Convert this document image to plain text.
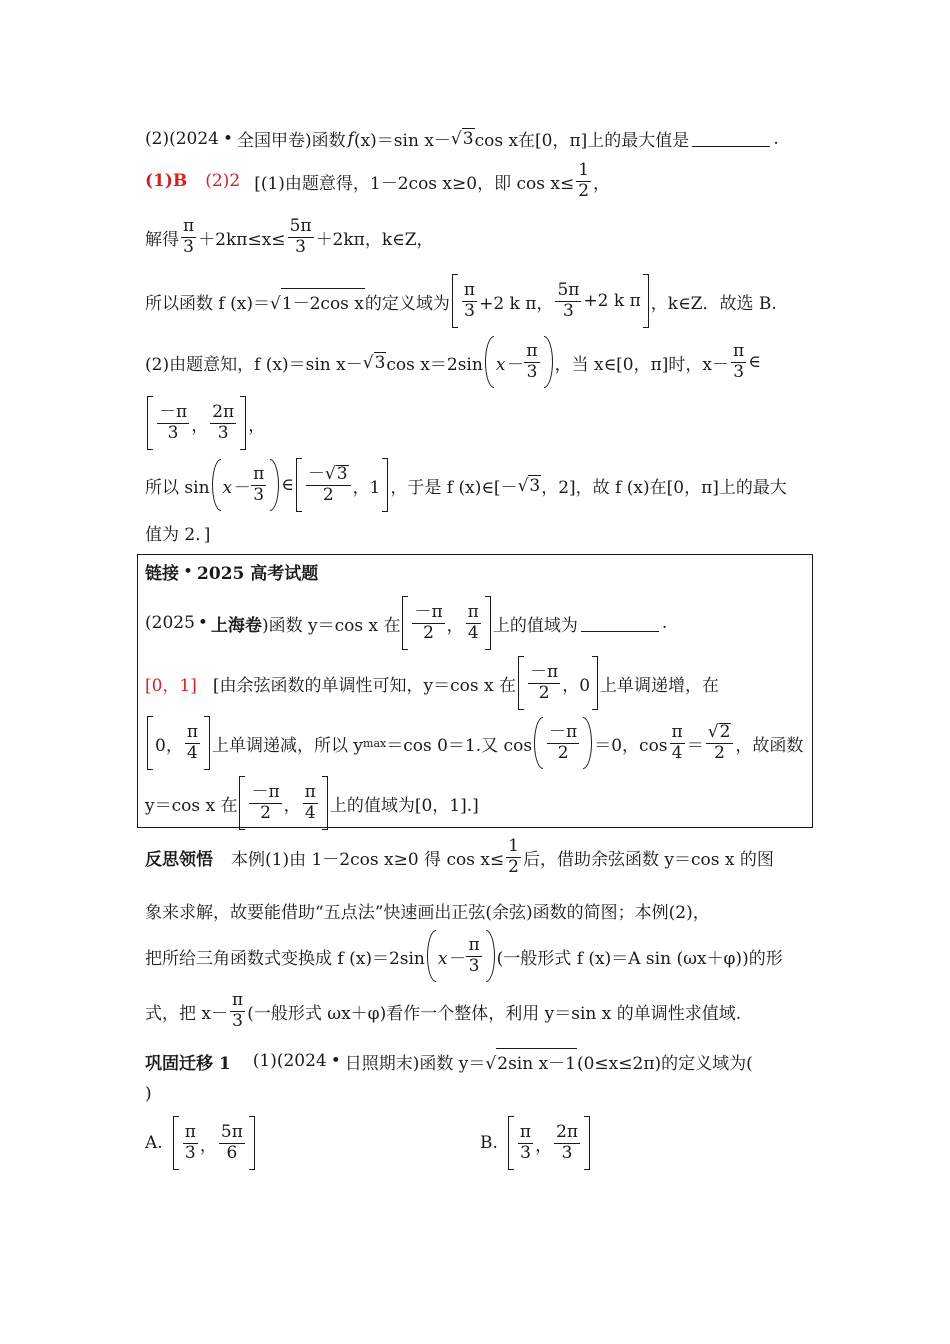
(2)(2024 • 全国甲卷 )函数 f (x)＝sin x－ √ 3 cos x在[0，π]上的最大值是	.
(1)B (2)2 [(1)由题意得，1－2cos x≥0，即 $\cos x\le \frac{1}{2}$ ，
解得 $\frac{\pi}{3} +2k\pi\le x\le \frac{5\pi}{3} +2k\pi$，k∈Z，
所以函数 f (x)＝ √ 1－2cos x 的定义域为 $\frac{\pi}{3} +2$ k π， $\frac{5\pi}{3} +2$ k π ，k∈Z．故选 B.
(2)由题意知，f (x)＝sin x－ √ 3 cos x＝2sin $x- \frac{\pi}{3}$ ，当 x∈[0，π]时，$x- \frac{\pi}{3}$ ∈
$\frac{-\pi}{3}$ ， $\frac{2\pi}{3}$ ，
所以 $\sin x- \frac{\pi}{3}$ ∈ $\frac{- √ 3}{2}$ ，1 ，于是 f (x)∈[－ √ 3 ，2]，故 f (x)在[0，π]上的最大
值为 2．]
链接 • 2025 高考试题
(2025 • 上海卷 )函数 y＝cos x 在 $\frac{-\pi}{2}$ ， $\frac{\pi}{4}$ 上的值域为	.
[0，1] [由余弦函数的单调性可知，y＝cos x 在 $\frac{-\pi}{2}$ ，0 上单调递增，在
0， $\frac{\pi}{4}$ 上单调递减，所以 y max ＝cos 0＝1.又 $\cos \frac{-\pi}{2} =0$，$\cos \frac{\pi}{4} = \frac{√ 2}{2}$ ，故函数
y＝cos x 在 $\frac{-\pi}{2}$ ， $\frac{\pi}{4}$ 上的值域为[0，1].]
反思领悟 本例(1)由 1－2cos x≥0 得 $\cos x\le \frac{1}{2}$ 后，借助余弦函数 y＝cos x 的图
象来求解，故要能借助“五点法”快速画出正弦(余弦)函数的简图；本例(2)，
把所给三角函数式变换成 f (x)＝2sin $x- \frac{\pi}{3}$ (一般形式 f (x)＝A sin (ωx＋φ))的形
式，把 $x- \frac{\pi}{3}$ (一般形式 ωx＋φ)看作一个整体，利用 y＝sin x 的单调性求值域.
巩固迁移 1 (1)(2024 • 日照期末)函数 y＝ √ 2sin x－1 (0≤x≤2π)的定义域为(
)
A. $\frac{\pi}{3}$ ， $\frac{5\pi}{6}$	B. $\frac{\pi}{3}$ ， $\frac{2\pi}{3}$
